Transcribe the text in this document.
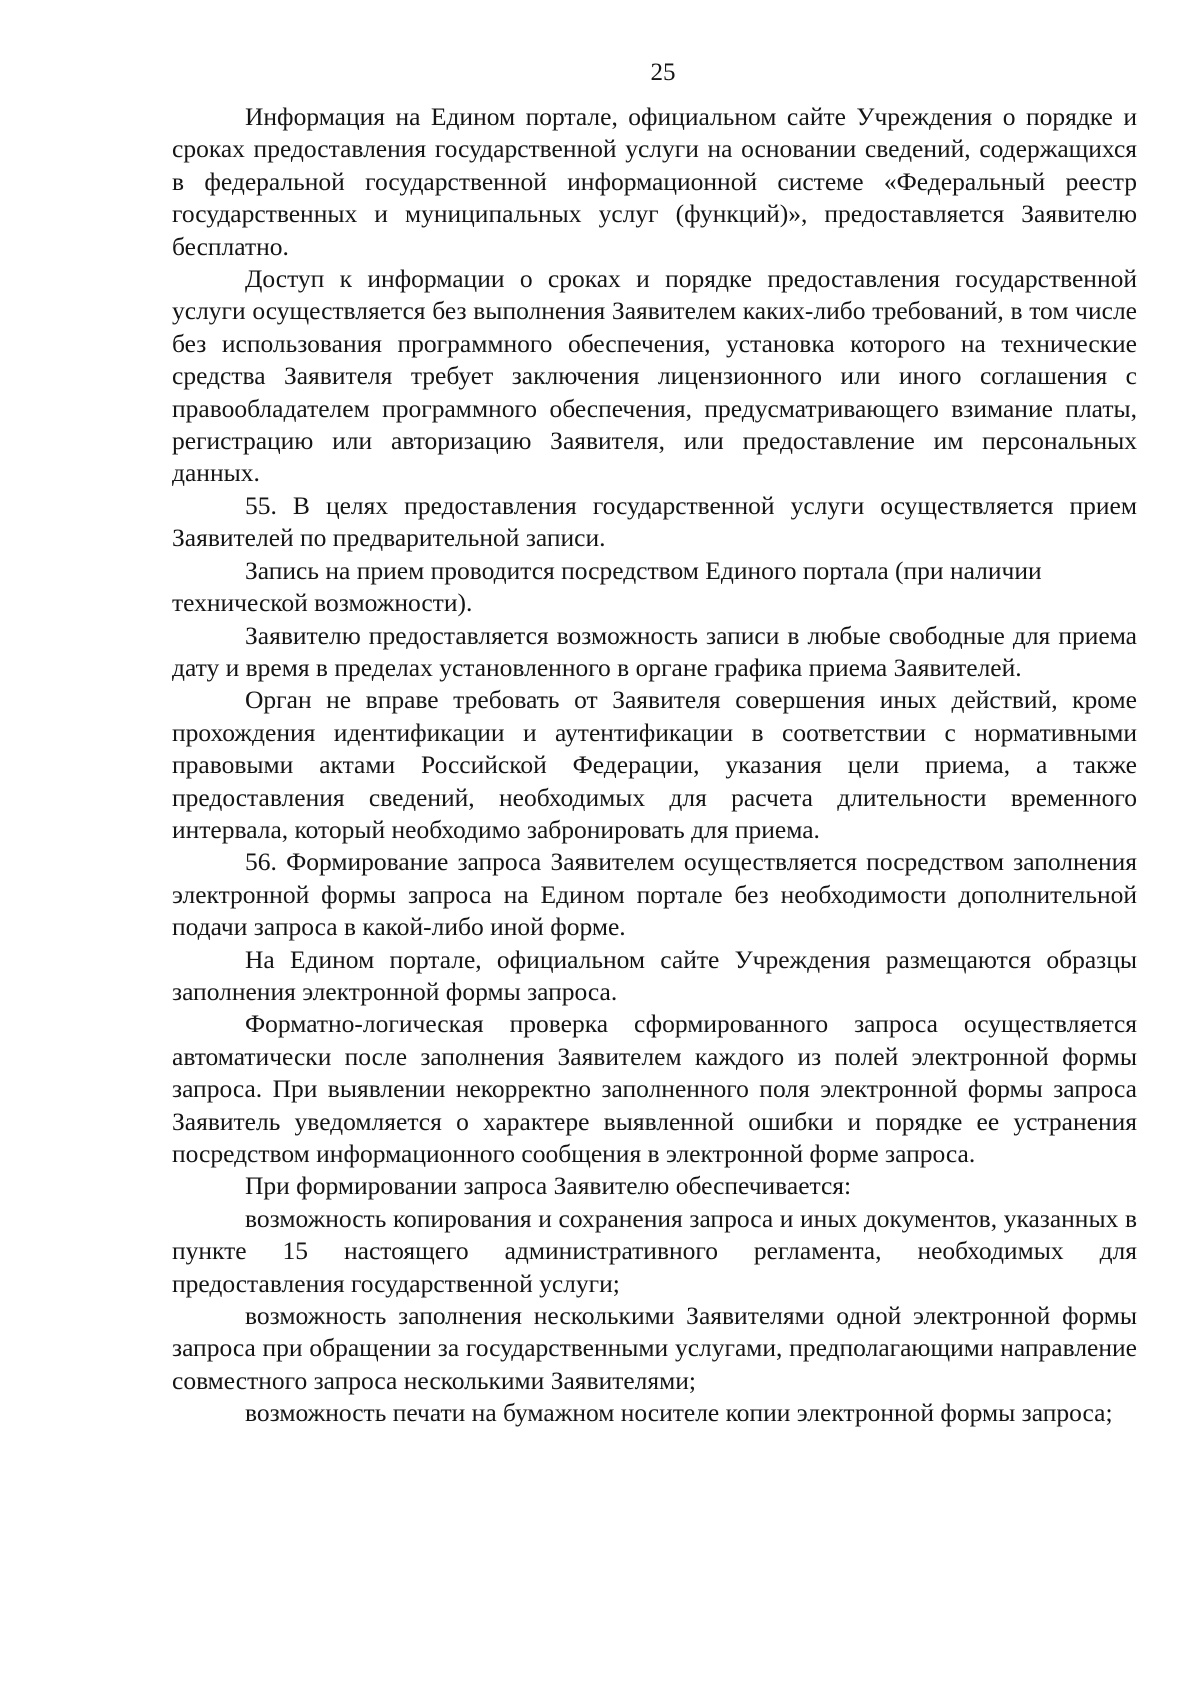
25

Информация на Едином портале, официальном сайте Учреждения о порядке и сроках предоставления государственной услуги на основании сведений, содержащихся в федеральной государственной информационной системе «Федеральный реестр государственных и муниципальных услуг (функций)», предоставляется Заявителю бесплатно.

Доступ к информации о сроках и порядке предоставления государственной услуги осуществляется без выполнения Заявителем каких-либо требований, в том числе без использования программного обеспечения, установка которого на технические средства Заявителя требует заключения лицензионного или иного соглашения с правообладателем программного обеспечения, предусматривающего взимание платы, регистрацию или авторизацию Заявителя, или предоставление им персональных данных.

55. В целях предоставления государственной услуги осуществляется прием Заявителей по предварительной записи.

Запись на прием проводится посредством Единого портала (при наличии технической возможности).

Заявителю предоставляется возможность записи в любые свободные для приема дату и время в пределах установленного в органе графика приема Заявителей.

Орган не вправе требовать от Заявителя совершения иных действий, кроме прохождения идентификации и аутентификации в соответствии с нормативными правовыми актами Российской Федерации, указания цели приема, а также предоставления сведений, необходимых для расчета длительности временного интервала, который необходимо забронировать для приема.

56. Формирование запроса Заявителем осуществляется посредством заполнения электронной формы запроса на Едином портале без необходимости дополнительной подачи запроса в какой-либо иной форме.

На Едином портале, официальном сайте Учреждения размещаются образцы заполнения электронной формы запроса.

Форматно-логическая проверка сформированного запроса осуществляется автоматически после заполнения Заявителем каждого из полей электронной формы запроса. При выявлении некорректно заполненного поля электронной формы запроса Заявитель уведомляется о характере выявленной ошибки и порядке ее устранения посредством информационного сообщения в электронной форме запроса.

При формировании запроса Заявителю обеспечивается:

возможность копирования и сохранения запроса и иных документов, указанных в пункте 15 настоящего административного регламента, необходимых для предоставления государственной услуги;

возможность заполнения несколькими Заявителями одной электронной формы запроса при обращении за государственными услугами, предполагающими направление совместного запроса несколькими Заявителями;

возможность печати на бумажном носителе копии электронной формы запроса;
